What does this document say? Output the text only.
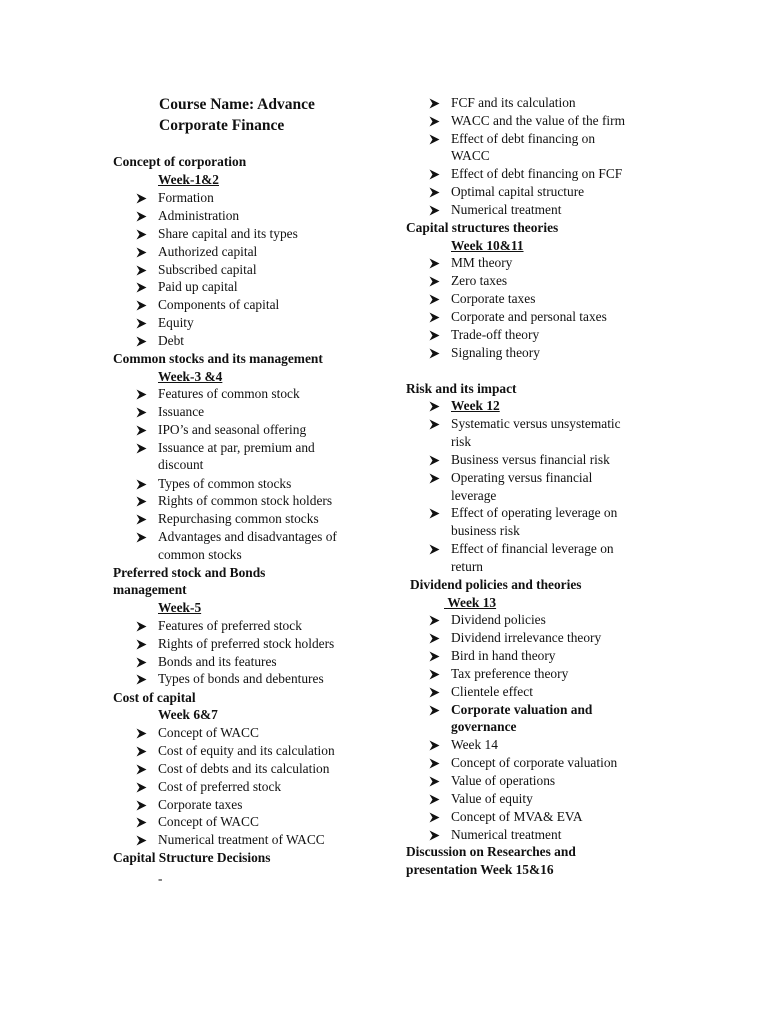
Course Name: Advance
Corporate Finance
Concept of corporation
Week-1&2
Formation
Administration
Share capital and its types
Authorized capital
Subscribed capital
Paid up capital
Components of capital
Equity
Debt
Common stocks and its management
Week-3 &4
Features of common stock
Issuance
IPO’s and seasonal offering
Issuance at par, premium and
discount
Types of common stocks
Rights of common stock holders
Repurchasing common stocks
Advantages and disadvantages of
common stocks
Preferred stock and Bonds
management
Week-5
Features of preferred stock
Rights of preferred stock holders
Bonds and its features
Types of bonds and debentures
Cost of capital
Week 6&7
Concept of WACC
Cost of equity and its calculation
Cost of debts and its calculation
Cost of preferred stock
Corporate taxes
Concept of WACC
Numerical treatment of WACC
Capital Structure Decisions
-
FCF and its calculation
WACC and the value of the firm
Effect of debt financing on
WACC
Effect of debt financing on FCF
Optimal capital structure
Numerical treatment
Capital structures theories
Week 10&11
MM theory
Zero taxes
Corporate taxes
Corporate and personal taxes
Trade-off theory
Signaling theory
Risk and its impact
Week 12
Systematic versus unsystematic
risk
Business versus financial risk
Operating versus financial
leverage
Effect of operating leverage on
business risk
Effect of financial leverage on
return
Dividend policies and theories
Week 13
Dividend policies
Dividend irrelevance theory
Bird in hand theory
Tax preference theory
Clientele effect
Corporate valuation and
governance
Week 14
Concept of corporate valuation
Value of operations
Value of equity
Concept of MVA& EVA
Numerical treatment
Discussion on Researches and
presentation Week 15&16
